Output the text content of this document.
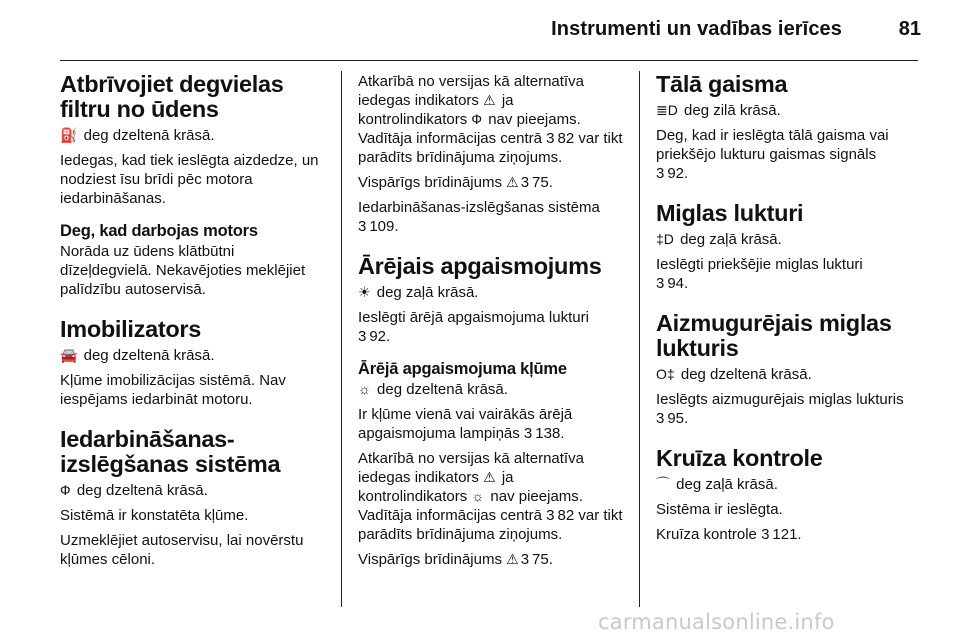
Instrumenti un vadības ierīces	81
Atbrīvojiet degvielas filtru no ūdens

⛽ deg dzeltenā krāsā.

Iedegas, kad tiek ieslēgta aizdedze, un nodziest īsu brīdi pēc motora iedarbināšanas.

Deg, kad darbojas motors

Norāda uz ūdens klātbūtni dīzeļdegvielā. Nekavējoties meklējiet palīdzību autoservisā.

Imobilizators

🚘 deg dzeltenā krāsā.

Kļūme imobilizācijas sistēmā. Nav iespējams iedarbināt motoru.

Iedarbināšanas-izslēgšanas sistēma

Ф deg dzeltenā krāsā.

Sistēmā ir konstatēta kļūme.

Uzmeklējiet autoservisu, lai novērstu kļūmes cēloni.

Atkarībā no versijas kā alternatīva iedegas indikators ⚠ ja kontrolindikators Ф nav pieejams. Vadītāja informācijas centrā 3 82 var tikt parādīts brīdinājuma ziņojums.

Vispārīgs brīdinājums ⚠ 3 75.

Iedarbināšanas-izslēgšanas sistēma
3 109.

Ārējais apgaismojums

☀ deg zaļā krāsā.

Ieslēgti ārējā apgaismojuma lukturi
3 92.

Ārējā apgaismojuma kļūme

☼ deg dzeltenā krāsā.

Ir kļūme vienā vai vairākās ārējā apgaismojuma lampiņās 3 138.

Atkarībā no versijas kā alternatīva iedegas indikators ⚠ ja kontrolindikators ☼ nav pieejams. Vadītāja informācijas centrā 3 82 var tikt parādīts brīdinājuma ziņojums.

Vispārīgs brīdinājums ⚠ 3 75.

Tālā gaisma

≣D deg zilā krāsā.

Deg, kad ir ieslēgta tālā gaisma vai priekšējo lukturu gaismas signāls
3 92.

Miglas lukturi

‡D deg zaļā krāsā.

Ieslēgti priekšējie miglas lukturi
3 94.

Aizmugurējais miglas lukturis

O‡ deg dzeltenā krāsā.

Ieslēgts aizmugurējais miglas lukturis
3 95.

Kruīza kontrole

⌒ deg zaļā krāsā.

Sistēma ir ieslēgta.

Kruīza kontrole 3 121.

carmanualsonline.info
